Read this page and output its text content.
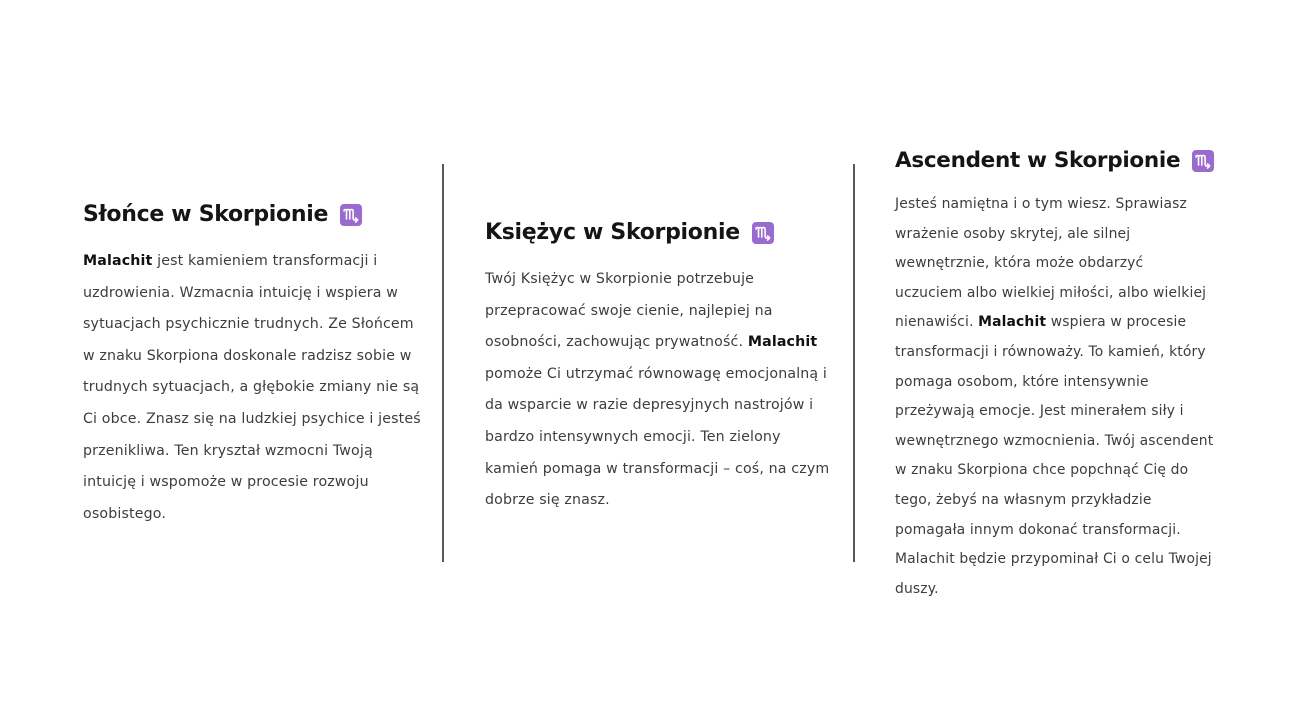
Słońce w Skorpionie

Malachit jest kamieniem transformacji i uzdrowienia. Wzmacnia intuicję i wspiera w sytuacjach psychicznie trudnych. Ze Słońcem w znaku Skorpiona doskonale radzisz sobie w trudnych sytuacjach, a głębokie zmiany nie są Ci obce. Znasz się na ludzkiej psychice i jesteś przenikliwa. Ten kryształ wzmocni Twoją intuicję i wspomoże w procesie rozwoju osobistego.

Księżyc w Skorpionie

Twój Księżyc w Skorpionie potrzebuje przepracować swoje cienie, najlepiej na osobności, zachowując prywatność. Malachit pomoże Ci utrzymać równowagę emocjonalną i da wsparcie w razie depresyjnych nastrojów i bardzo intensywnych emocji. Ten zielony kamień pomaga w transformacji – coś, na czym dobrze się znasz.

Ascendent w Skorpionie

Jesteś namiętna i o tym wiesz. Sprawiasz wrażenie osoby skrytej, ale silnej wewnętrznie, która może obdarzyć uczuciem albo wielkiej miłości, albo wielkiej nienawiści. Malachit wspiera w procesie transformacji i równoważy. To kamień, który pomaga osobom, które intensywnie przeżywają emocje. Jest minerałem siły i wewnętrznego wzmocnienia. Twój ascendent w znaku Skorpiona chce popchnąć Cię do tego, żebyś na własnym przykładzie pomagała innym dokonać transformacji. Malachit będzie przypominał Ci o celu Twojej duszy.
